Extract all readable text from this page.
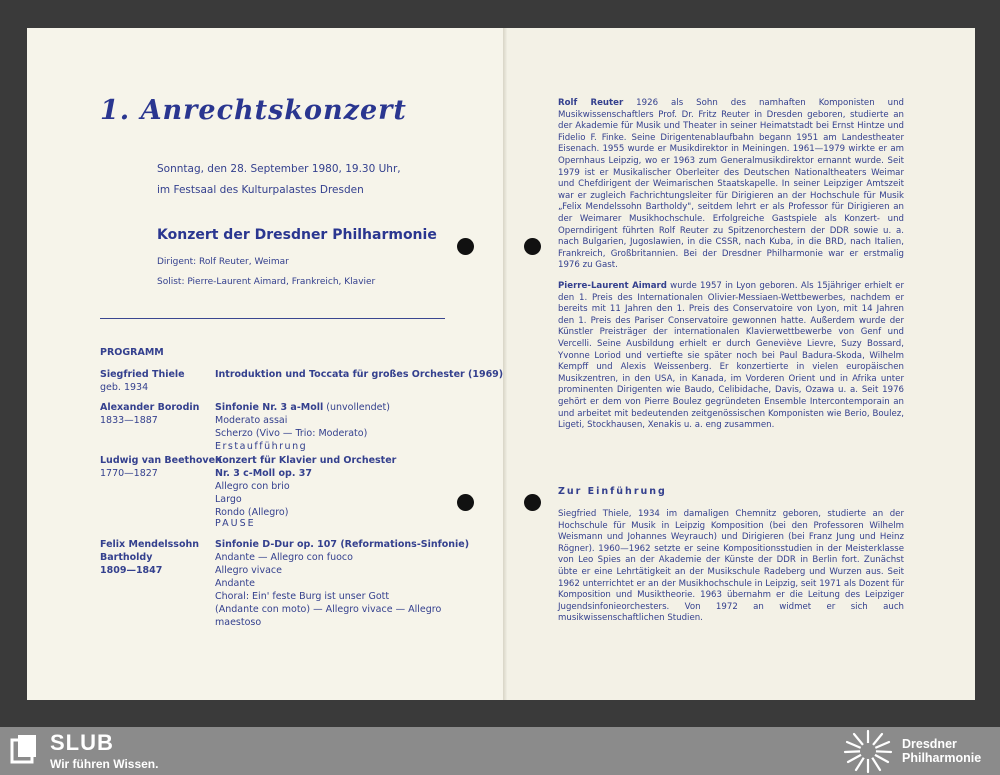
1. Anrechtskonzert
Sonntag, den 28. September 1980, 19.30 Uhr,
im Festsaal des Kulturpalastes Dresden
Konzert der Dresdner Philharmonie
Dirigent: Rolf Reuter, Weimar
Solist: Pierre-Laurent Aimard, Frankreich, Klavier
PROGRAMM
Siegfried Thiele
geb. 1934
Introduktion und Toccata für großes Orchester (1969)
Alexander Borodin
1833—1887
Sinfonie Nr. 3 a-Moll (unvollendet)
Moderato assai
Scherzo (Vivo — Trio: Moderato)
Erstaufführung
Ludwig van Beethoven
1770—1827
Konzert für Klavier und Orchester
Nr. 3 c-Moll op. 37
Allegro con brio
Largo
Rondo (Allegro)
PAUSE
Felix Mendelssohn
Bartholdy
1809—1847
Sinfonie D-Dur op. 107 (Reformations-Sinfonie)
Andante — Allegro con fuoco
Allegro vivace
Andante
Choral: Ein' feste Burg ist unser Gott
(Andante con moto) — Allegro vivace — Allegro
maestoso
Rolf Reuter 1926 als Sohn des namhaften Komponisten und Musikwissenschaftlers Prof. Dr. Fritz Reuter in Dresden geboren, studierte an der Akademie für Musik und Theater in seiner Heimatstadt bei Ernst Hintze und Fidelio F. Finke. Seine Dirigentenablaufbahn begann 1951 am Landestheater Eisenach. 1955 wurde er Musikdirektor in Meiningen. 1961—1979 wirkte er am Opernhaus Leipzig, wo er 1963 zum Generalmusikdirektor ernannt wurde. Seit 1979 ist er Musikalischer Oberleiter des Deutschen Nationaltheaters Weimar und Chefdirigent der Weimarischen Staatskapelle. In seiner Leipziger Amtszeit war er zugleich Fachrichtungsleiter für Dirigieren an der Hochschule für Musik „Felix Mendelssohn Bartholdy", seitdem lehrt er als Professor für Dirigieren an der Weimarer Musikhochschule. Erfolgreiche Gastspiele als Konzert- und Operndirigent führten Rolf Reuter zu Spitzenorchestern der DDR sowie u. a. nach Bulgarien, Jugoslawien, in die CSSR, nach Kuba, in die BRD, nach Italien, Frankreich, Großbritannien. Bei der Dresdner Philharmonie war er erstmalig 1976 zu Gast.
Pierre-Laurent Aimard wurde 1957 in Lyon geboren. Als 15jähriger erhielt er den 1. Preis des Internationalen Olivier-Messiaen-Wettbewerbes, nachdem er bereits mit 11 Jahren den 1. Preis des Conservatoire von Lyon, mit 14 Jahren den 1. Preis des Pariser Conservatoire gewonnen hatte. Außerdem wurde der Künstler Preisträger der internationalen Klavierwettbewerbe von Genf und Vercelli. Seine Ausbildung erhielt er durch Geneviève Lievre, Suzy Bossard, Yvonne Loriod und vertiefte sie später noch bei Paul Badura-Skoda, Wilhelm Kempff und Alexis Weissenberg. Er konzertierte in vielen europäischen Musikzentren, in den USA, in Kanada, im Vorderen Orient und in Afrika unter prominenten Dirigenten wie Baudo, Celibidache, Davis, Ozawa u. a. Seit 1976 gehört er dem von Pierre Boulez gegründeten Ensemble Intercontemporain an und arbeitet mit bedeutenden zeitgenössischen Komponisten wie Berio, Boulez, Ligeti, Stockhausen, Xenakis u. a. eng zusammen.
Zur Einführung
Siegfried Thiele, 1934 im damaligen Chemnitz geboren, studierte an der Hochschule für Musik in Leipzig Komposition (bei den Professoren Wilhelm Weismann und Johannes Weyrauch) und Dirigieren (bei Franz Jung und Heinz Rögner). 1960—1962 setzte er seine Kompositionsstudien in der Meisterklasse von Leo Spies an der Akademie der Künste der DDR in Berlin fort. Zunächst übte er eine Lehrtätigkeit an der Musikschule Radeberg und Wurzen aus. Seit 1962 unterrichtet er an der Musikhochschule in Leipzig, seit 1971 als Dozent für Komposition und Musiktheorie. 1963 übernahm er die Leitung des Leipziger Jugendsinfonieorchesters. Von 1972 an widmet er sich auch musikwissenschaftlichen Studien.
SLUB
Wir führen Wissen.
Dresdner
Philharmonie
